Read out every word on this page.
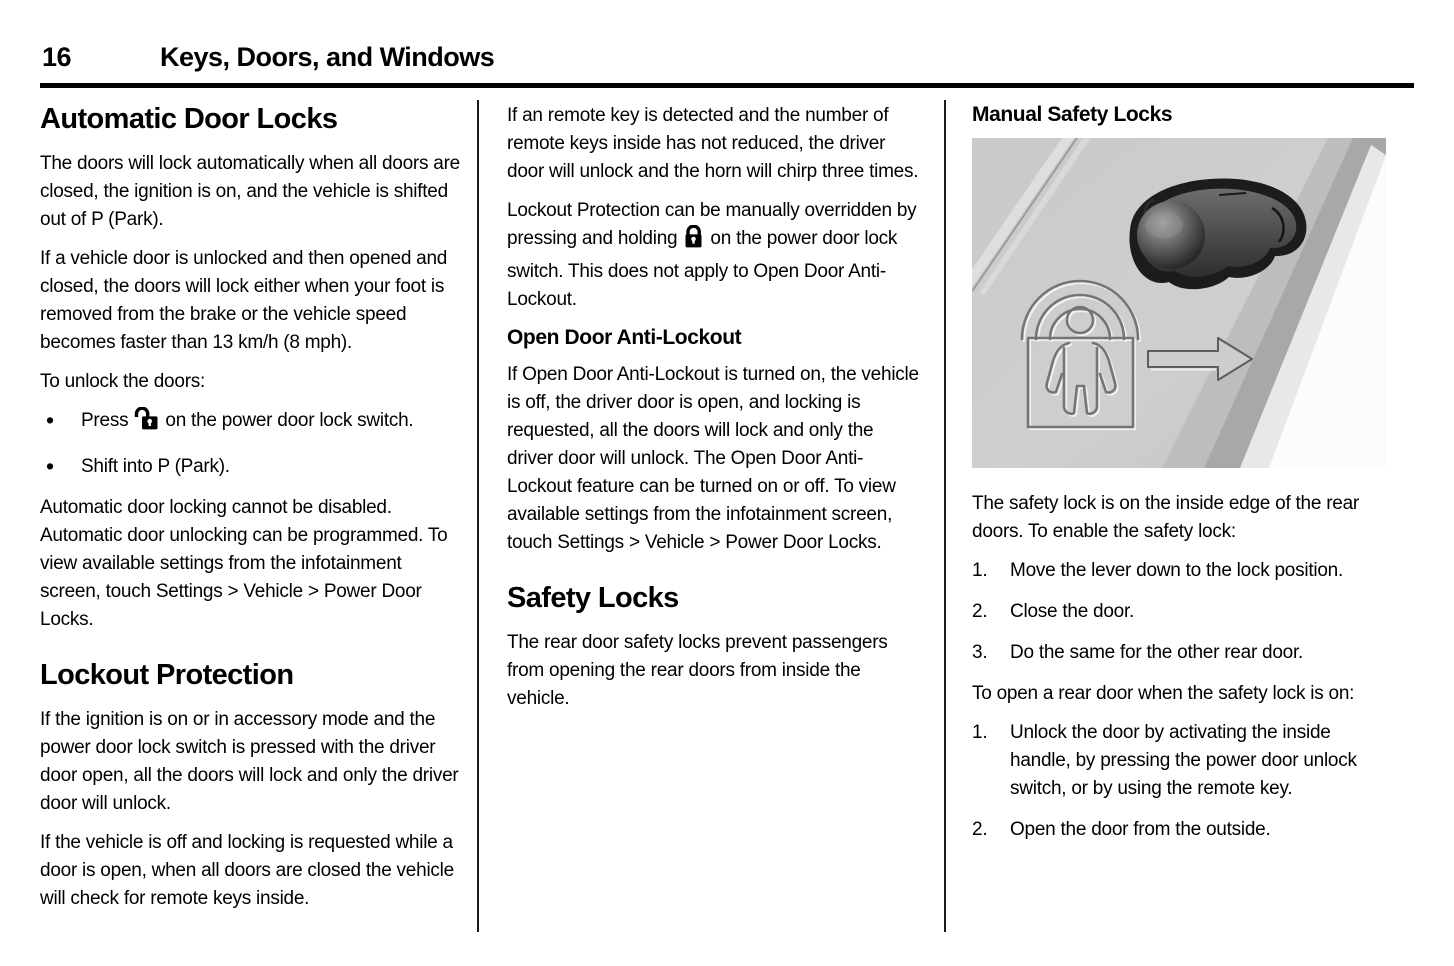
16	Keys, Doors, and Windows
Automatic Door Locks

The doors will lock automatically when all doors are closed, the ignition is on, and the vehicle is shifted out of P (Park).

If a vehicle door is unlocked and then opened and closed, the doors will lock either when your foot is removed from the brake or the vehicle speed becomes faster than 13 km/h (8 mph).

To unlock the doors:

•	Press  on the power door lock switch.
•	Shift into P (Park).

Automatic door locking cannot be disabled. Automatic door unlocking can be programmed. To view available settings from the infotainment screen, touch Settings > Vehicle > Power Door Locks.

Lockout Protection

If the ignition is on or in accessory mode and the power door lock switch is pressed with the driver door open, all the doors will lock and only the driver door will unlock.

If the vehicle is off and locking is requested while a door is open, when all doors are closed the vehicle will check for remote keys inside.

If an remote key is detected and the number of remote keys inside has not reduced, the driver door will unlock and the horn will chirp three times.

Lockout Protection can be manually overridden by pressing and holding  on the power door lock switch. This does not apply to Open Door Anti-Lockout.

Open Door Anti-Lockout

If Open Door Anti-Lockout is turned on, the vehicle is off, the driver door is open, and locking is requested, all the doors will lock and only the driver door will unlock. The Open Door Anti-Lockout feature can be turned on or off. To view available settings from the infotainment screen, touch Settings > Vehicle > Power Door Locks.

Safety Locks

The rear door safety locks prevent passengers from opening the rear doors from inside the vehicle.

Manual Safety Locks

The safety lock is on the inside edge of the rear doors. To enable the safety lock:

1.	Move the lever down to the lock position.
2.	Close the door.
3.	Do the same for the other rear door.

To open a rear door when the safety lock is on:

1.	Unlock the door by activating the inside handle, by pressing the power door unlock switch, or by using the remote key.
2.	Open the door from the outside.
